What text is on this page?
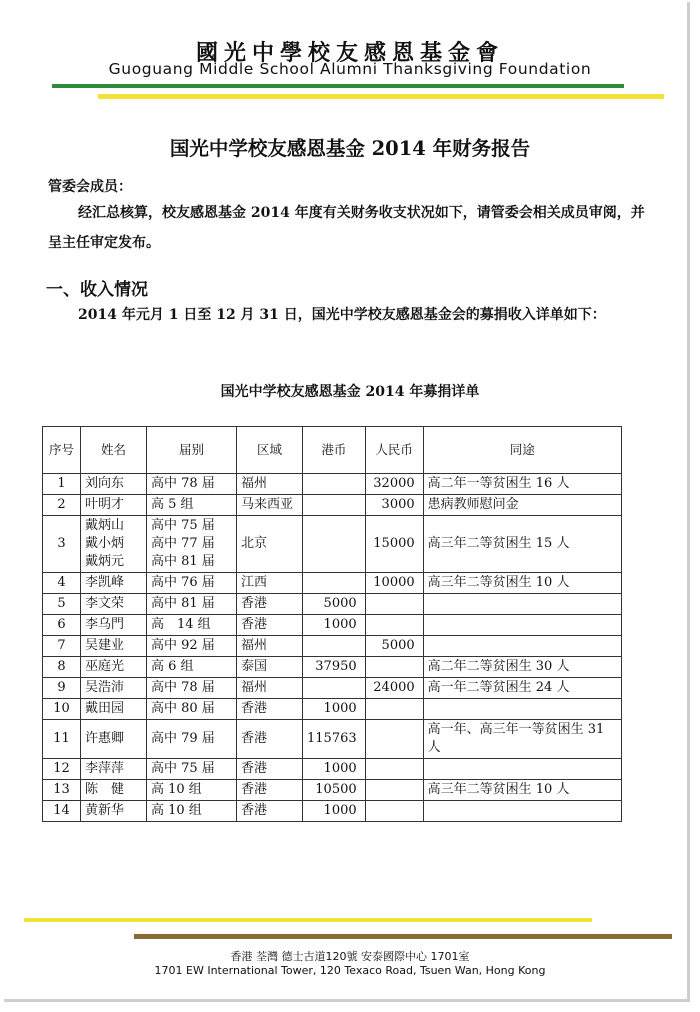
國光中學校友感恩基金會
Guoguang Middle School Alumni Thanksgiving Foundation
国光中学校友感恩基金 2014 年财务报告
管委会成员：
经汇总核算，校友感恩基金 2014 年度有关财务收支状况如下，请管委会相关成员审阅，并呈主任审定发布。
一、收入情况
2014 年元月 1 日至 12 月 31 日，国光中学校友感恩基金会的募捐收入详单如下：
国光中学校友感恩基金 2014 年募捐详单
序号	姓名	届别	区域	港币	人民币	同途
1	刘向东	高中 78 届	福州		32000	高二年一等贫困生 16 人
2	叶明才	高 5 组	马来西亚		3000	患病教师慰问金
3	戴炳山
戴小炳
戴炳元	高中 75 届
高中 77 届
高中 81 届	北京		15000	高三年二等贫困生 15 人
4	李凯峰	高中 76 届	江西		10000	高三年二等贫困生 10 人
5	李文荣	高中 81 届	香港	5000		
6	李乌門	高　14 组	香港	1000		
7	吴建业	高中 92 届	福州		5000	
8	巫庭光	高 6 组	泰国	37950		高二年二等贫困生 30 人
9	吴浩沛	高中 78 届	福州		24000	高一年二等贫困生 24 人
10	戴田园	高中 80 届	香港	1000		
11	许惠卿	高中 79 届	香港	115763		高一年、高三年一等贫困生 31 人
12	李萍萍	高中 75 届	香港	1000		
13	陈　健	高 10 组	香港	10500		高三年二等贫困生 10 人
14	黄新华	高 10 组	香港	1000		
香港 荃灣 德士古道120號 安泰國際中心 1701室
1701 EW International Tower, 120 Texaco Road, Tsuen Wan, Hong Kong
